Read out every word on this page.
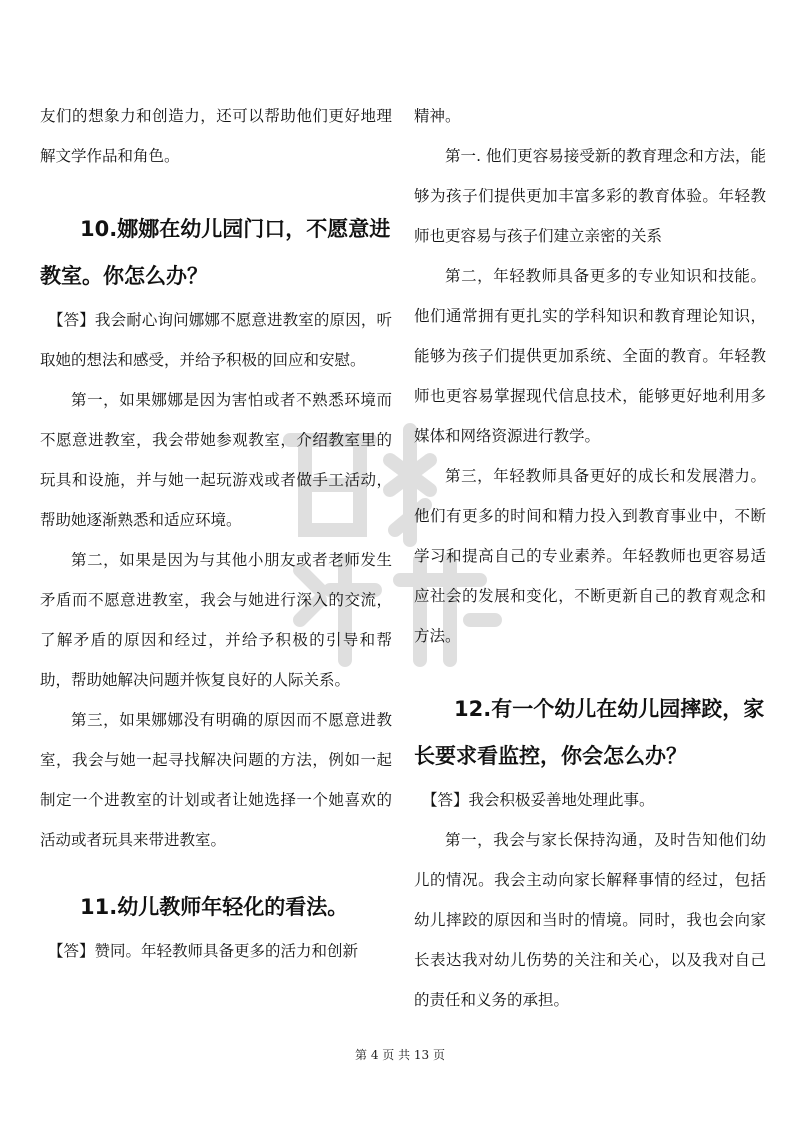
友们的想象力和创造力，还可以帮助他们更好地理解文学作品和角色。

10.娜娜在幼儿园门口，不愿意进教室。你怎么办？

【答】我会耐心询问娜娜不愿意进教室的原因，听取她的想法和感受，并给予积极的回应和安慰。

第一，如果娜娜是因为害怕或者不熟悉环境而不愿意进教室，我会带她参观教室，介绍教室里的玩具和设施，并与她一起玩游戏或者做手工活动，帮助她逐渐熟悉和适应环境。

第二，如果是因为与其他小朋友或者老师发生矛盾而不愿意进教室，我会与她进行深入的交流，了解矛盾的原因和经过，并给予积极的引导和帮助，帮助她解决问题并恢复良好的人际关系。

第三，如果娜娜没有明确的原因而不愿意进教室，我会与她一起寻找解决问题的方法，例如一起制定一个进教室的计划或者让她选择一个她喜欢的活动或者玩具来带进教室。

11.幼儿教师年轻化的看法。

【答】赞同。年轻教师具备更多的活力和创新

精神。

第一. 他们更容易接受新的教育理念和方法，能够为孩子们提供更加丰富多彩的教育体验。年轻教师也更容易与孩子们建立亲密的关系

第二，年轻教师具备更多的专业知识和技能。他们通常拥有更扎实的学科知识和教育理论知识，能够为孩子们提供更加系统、全面的教育。年轻教师也更容易掌握现代信息技术，能够更好地利用多媒体和网络资源进行教学。

第三，年轻教师具备更好的成长和发展潜力。他们有更多的时间和精力投入到教育事业中，不断学习和提高自己的专业素养。年轻教师也更容易适应社会的发展和变化，不断更新自己的教育观念和方法。

12.有一个幼儿在幼儿园摔跤，家长要求看监控，你会怎么办？

【答】我会积极妥善地处理此事。

第一，我会与家长保持沟通，及时告知他们幼儿的情况。我会主动向家长解释事情的经过，包括幼儿摔跤的原因和当时的情境。同时，我也会向家长表达我对幼儿伤势的关注和关心，以及我对自己的责任和义务的承担。

第 4 页 共 13 页
